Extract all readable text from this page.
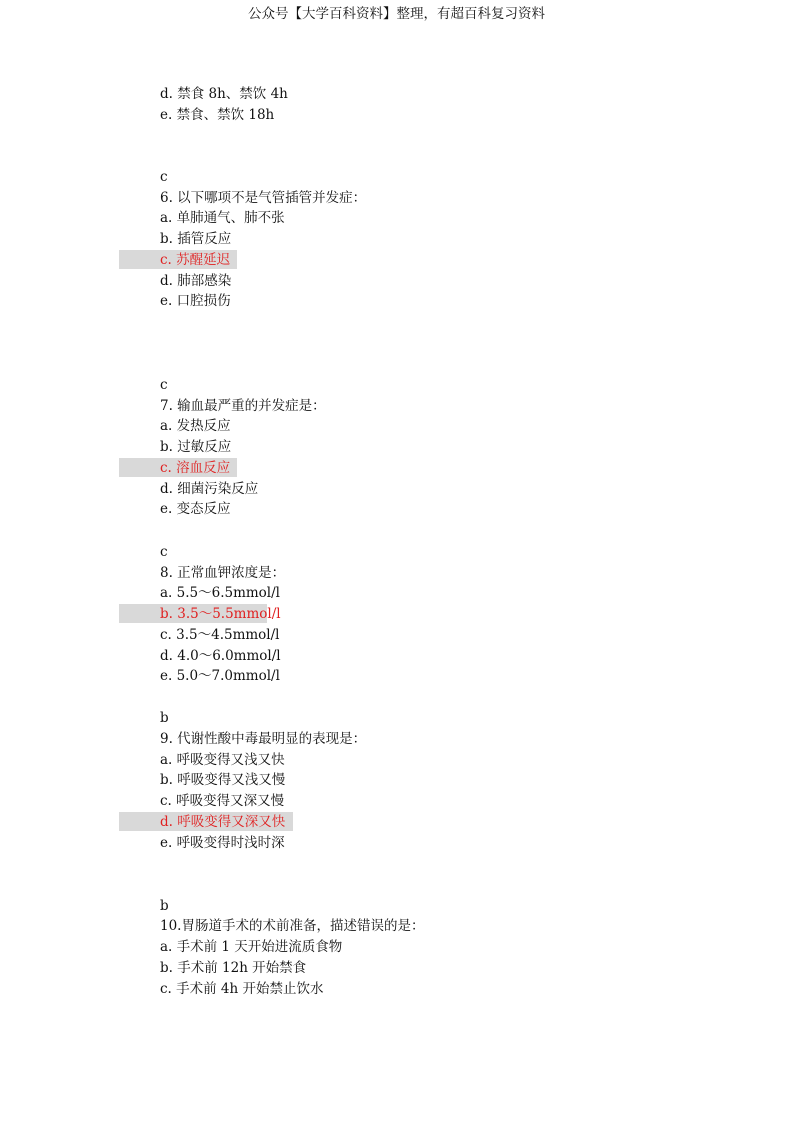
公众号【大学百科资料】整理，有超百科复习资料
d. 禁食 8h、禁饮 4h
e. 禁食、禁饮 18h
c
6. 以下哪项不是气管插管并发症：
a. 单肺通气、肺不张
b. 插管反应
c. 苏醒延迟
d. 肺部感染
e. 口腔损伤
c
7. 输血最严重的并发症是：
a. 发热反应
b. 过敏反应
c. 溶血反应
d. 细菌污染反应
e. 变态反应
c
8. 正常血钾浓度是：
a. 5.5～6.5mmol/l
b. 3.5～5.5mmol/l
c. 3.5～4.5mmol/l
d. 4.0～6.0mmol/l
e. 5.0～7.0mmol/l
b
9. 代谢性酸中毒最明显的表现是：
a. 呼吸变得又浅又快
b. 呼吸变得又浅又慢
c. 呼吸变得又深又慢
d. 呼吸变得又深又快
e. 呼吸变得时浅时深
b
10.胃肠道手术的术前准备，描述错误的是：
a. 手术前 1 天开始进流质食物
b. 手术前 12h 开始禁食
c. 手术前 4h 开始禁止饮水
